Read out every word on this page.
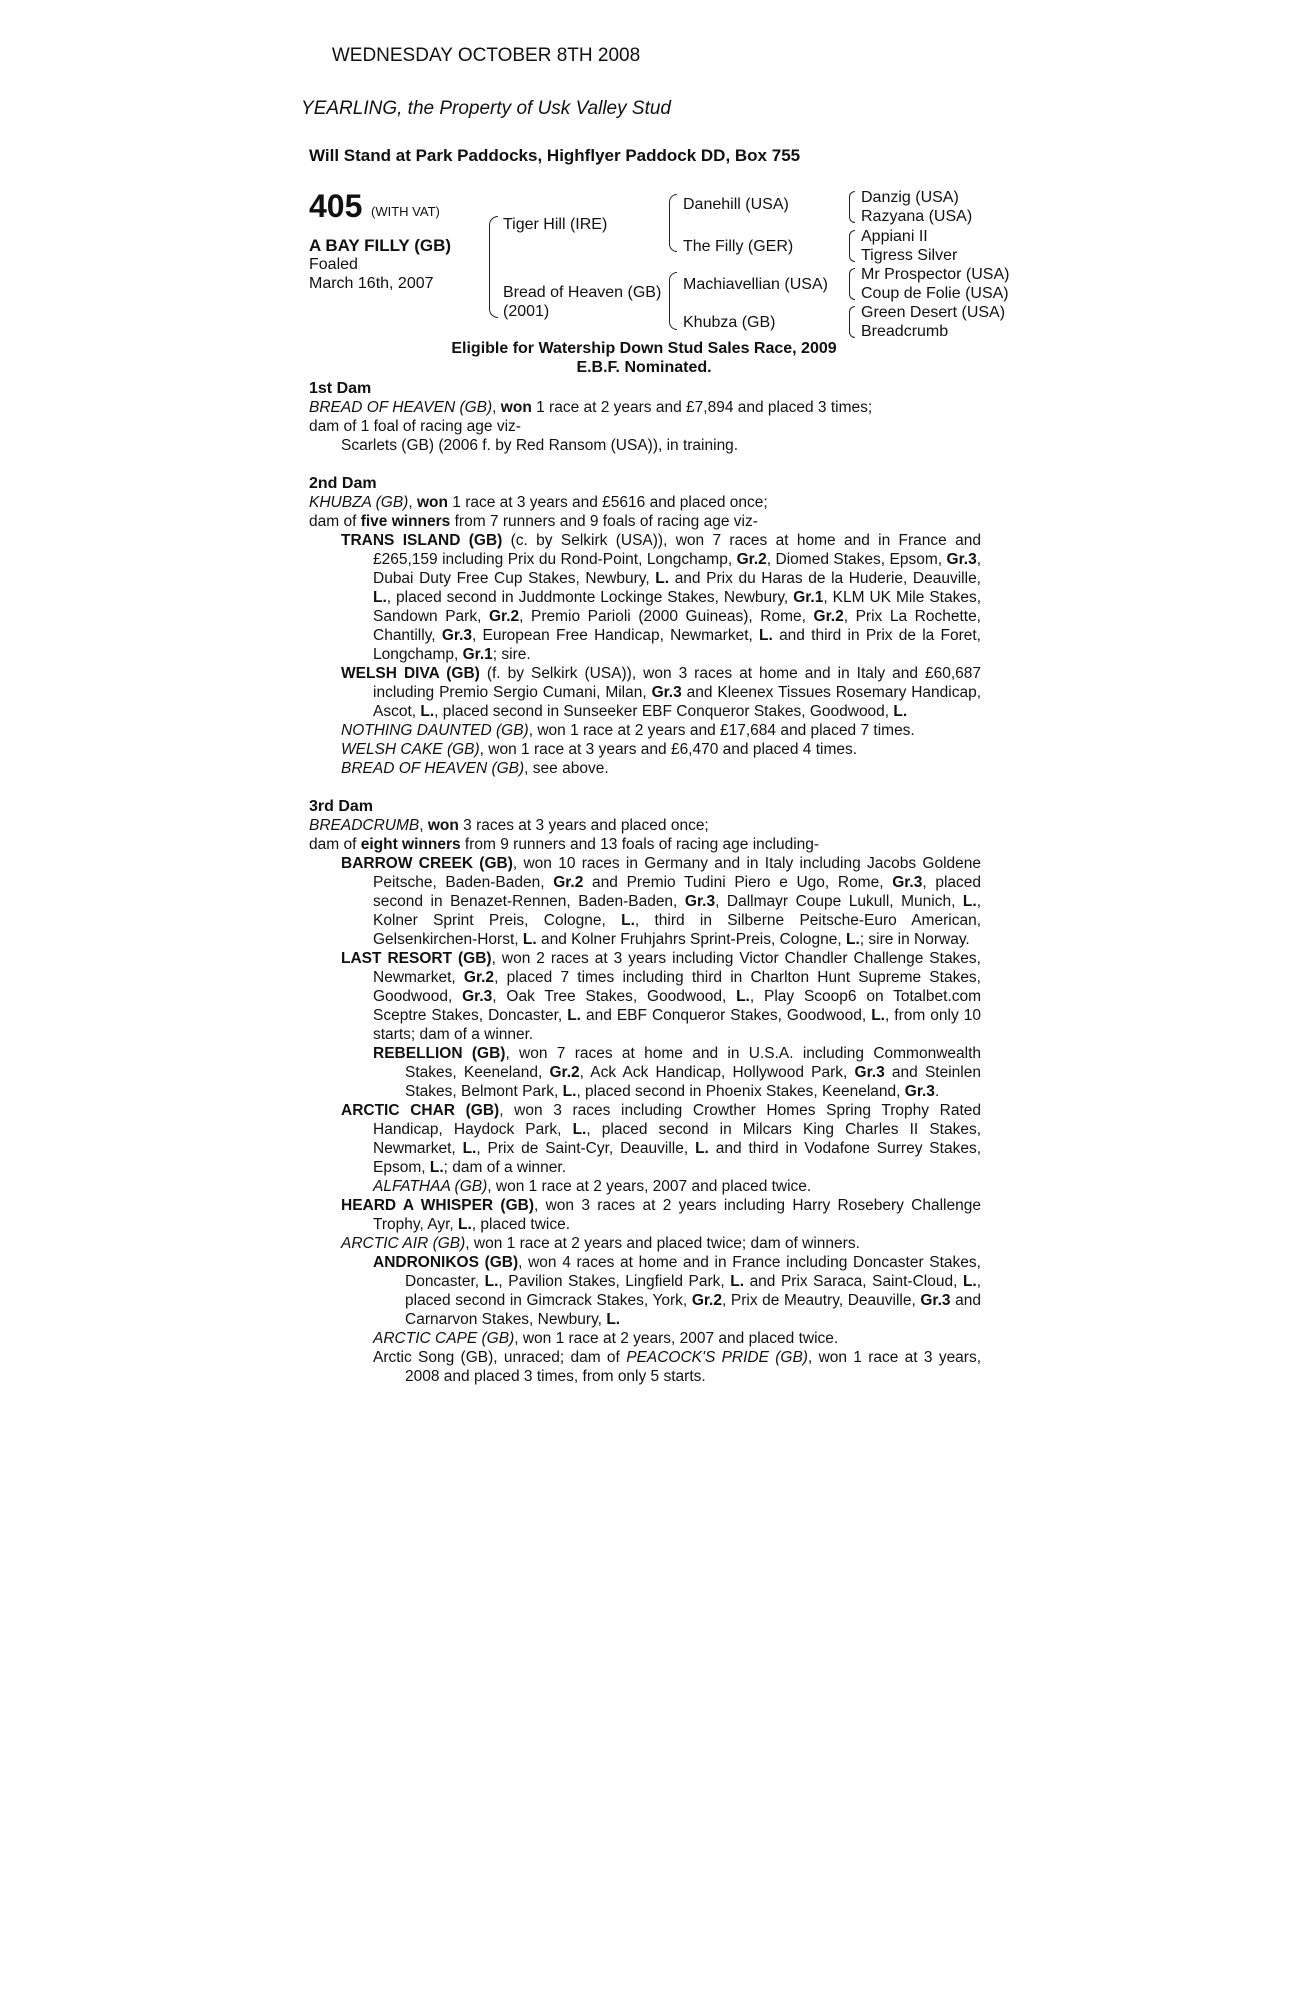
WEDNESDAY OCTOBER 8TH 2008
YEARLING, the Property of Usk Valley Stud
Will Stand at Park Paddocks, Highflyer Paddock DD, Box 755
405 (WITH VAT)
A BAY FILLY (GB)
Foaled
March 16th, 2007
Tiger Hill (IRE)
Bread of Heaven (GB)
(2001)
Danehill (USA)
The Filly (GER)
Machiavellian (USA)
Khubza (GB)
Danzig (USA)
Razyana (USA)
Appiani II
Tigress Silver
Mr Prospector (USA)
Coup de Folie (USA)
Green Desert (USA)
Breadcrumb
Eligible for Watership Down Stud Sales Race, 2009
E.B.F. Nominated.

1st Dam

BREAD OF HEAVEN (GB), won 1 race at 2 years and £7,894 and placed 3 times;

dam of 1 foal of racing age viz-

Scarlets (GB) (2006 f. by Red Ransom (USA)), in training.

2nd Dam

KHUBZA (GB), won 1 race at 3 years and £5616 and placed once;

dam of five winners from 7 runners and 9 foals of racing age viz-

TRANS ISLAND (GB) (c. by Selkirk (USA)), won 7 races at home and in France and £265,159 including Prix du Rond-Point, Longchamp, Gr.2, Diomed Stakes, Epsom, Gr.3, Dubai Duty Free Cup Stakes, Newbury, L. and Prix du Haras de la Huderie, Deauville, L., placed second in Juddmonte Lockinge Stakes, Newbury, Gr.1, KLM UK Mile Stakes, Sandown Park, Gr.2, Premio Parioli (2000 Guineas), Rome, Gr.2, Prix La Rochette, Chantilly, Gr.3, European Free Handicap, Newmarket, L. and third in Prix de la Foret, Longchamp, Gr.1; sire.

WELSH DIVA (GB) (f. by Selkirk (USA)), won 3 races at home and in Italy and £60,687 including Premio Sergio Cumani, Milan, Gr.3 and Kleenex Tissues Rosemary Handicap, Ascot, L., placed second in Sunseeker EBF Conqueror Stakes, Goodwood, L.

NOTHING DAUNTED (GB), won 1 race at 2 years and £17,684 and placed 7 times.

WELSH CAKE (GB), won 1 race at 3 years and £6,470 and placed 4 times.

BREAD OF HEAVEN (GB), see above.

3rd Dam

BREADCRUMB, won 3 races at 3 years and placed once;

dam of eight winners from 9 runners and 13 foals of racing age including-

BARROW CREEK (GB), won 10 races in Germany and in Italy including Jacobs Goldene Peitsche, Baden-Baden, Gr.2 and Premio Tudini Piero e Ugo, Rome, Gr.3, placed second in Benazet-Rennen, Baden-Baden, Gr.3, Dallmayr Coupe Lukull, Munich, L., Kolner Sprint Preis, Cologne, L., third in Silberne Peitsche-Euro American, Gelsenkirchen-Horst, L. and Kolner Fruhjahrs Sprint-Preis, Cologne, L.; sire in Norway.

LAST RESORT (GB), won 2 races at 3 years including Victor Chandler Challenge Stakes, Newmarket, Gr.2, placed 7 times including third in Charlton Hunt Supreme Stakes, Goodwood, Gr.3, Oak Tree Stakes, Goodwood, L., Play Scoop6 on Totalbet.com Sceptre Stakes, Doncaster, L. and EBF Conqueror Stakes, Goodwood, L., from only 10 starts; dam of a winner.

REBELLION (GB), won 7 races at home and in U.S.A. including Commonwealth Stakes, Keeneland, Gr.2, Ack Ack Handicap, Hollywood Park, Gr.3 and Steinlen Stakes, Belmont Park, L., placed second in Phoenix Stakes, Keeneland, Gr.3.

ARCTIC CHAR (GB), won 3 races including Crowther Homes Spring Trophy Rated Handicap, Haydock Park, L., placed second in Milcars King Charles II Stakes, Newmarket, L., Prix de Saint-Cyr, Deauville, L. and third in Vodafone Surrey Stakes, Epsom, L.; dam of a winner.

ALFATHAA (GB), won 1 race at 2 years, 2007 and placed twice.

HEARD A WHISPER (GB), won 3 races at 2 years including Harry Rosebery Challenge Trophy, Ayr, L., placed twice.

ARCTIC AIR (GB), won 1 race at 2 years and placed twice; dam of winners.

ANDRONIKOS (GB), won 4 races at home and in France including Doncaster Stakes, Doncaster, L., Pavilion Stakes, Lingfield Park, L. and Prix Saraca, Saint-Cloud, L., placed second in Gimcrack Stakes, York, Gr.2, Prix de Meautry, Deauville, Gr.3 and Carnarvon Stakes, Newbury, L.

ARCTIC CAPE (GB), won 1 race at 2 years, 2007 and placed twice.

Arctic Song (GB), unraced; dam of PEACOCK'S PRIDE (GB), won 1 race at 3 years, 2008 and placed 3 times, from only 5 starts.
